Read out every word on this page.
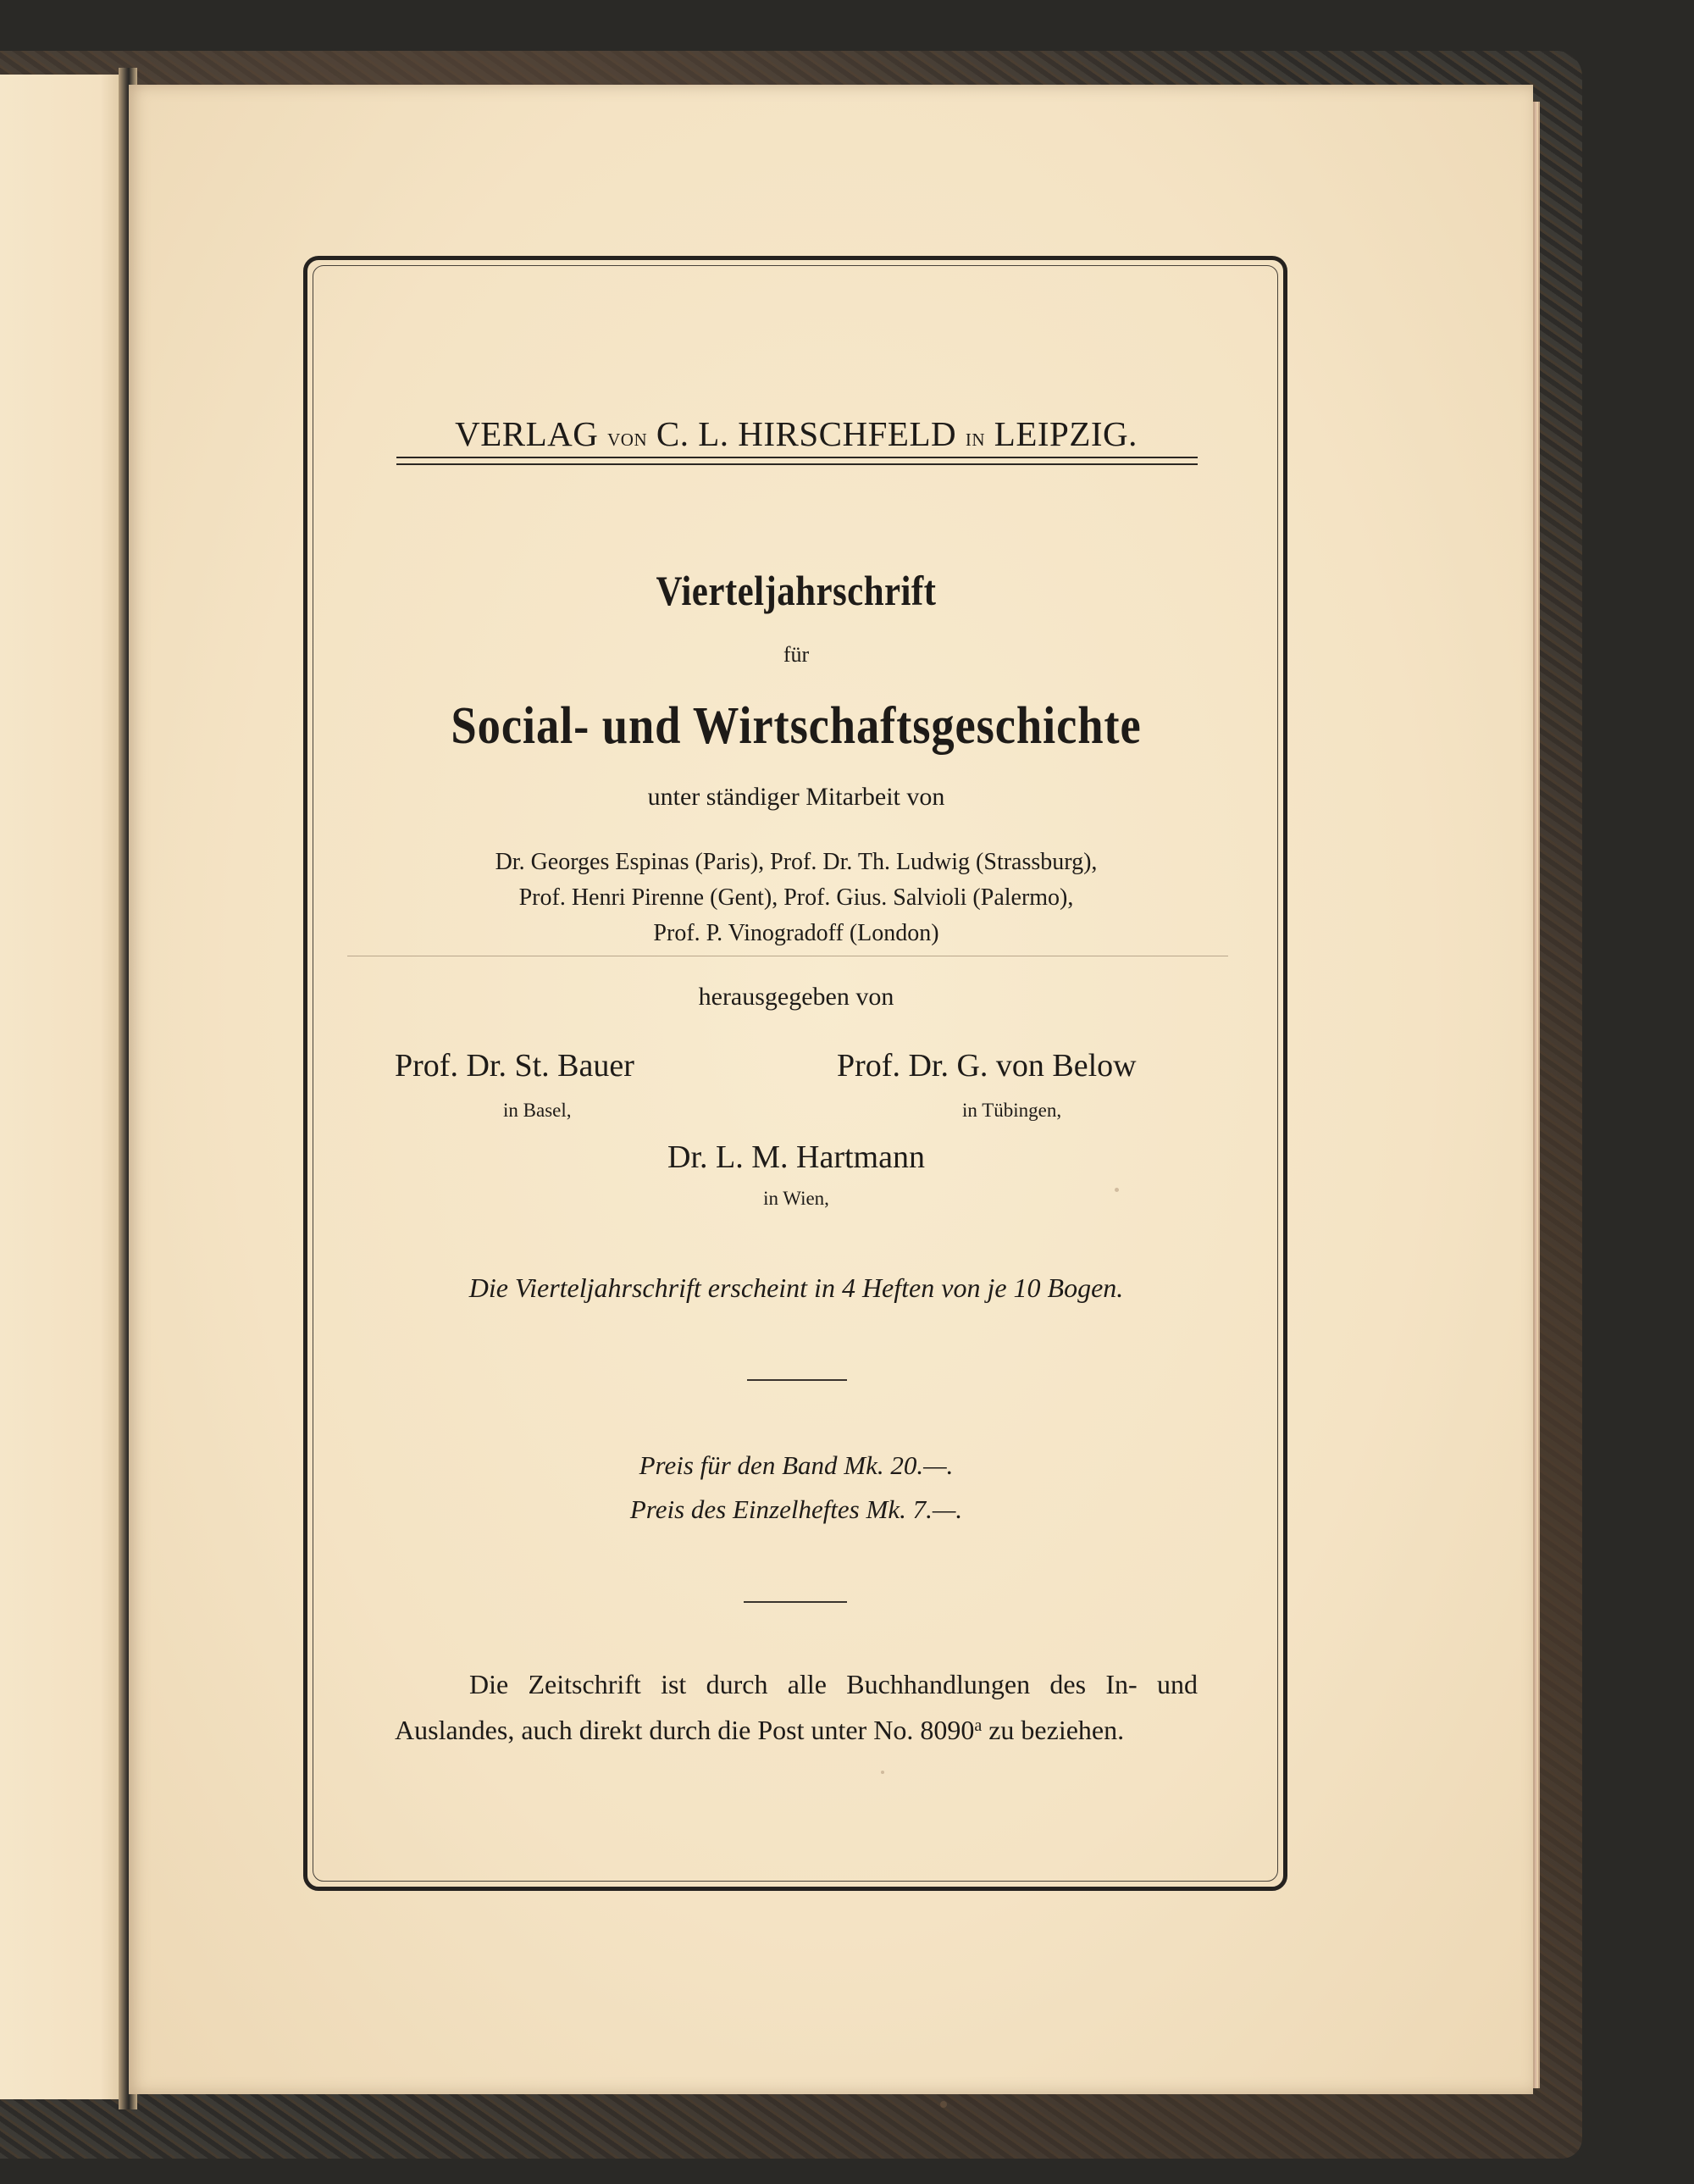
VERLAG von C. L. HIRSCHFELD in LEIPZIG.
Vierteljahrschrift
für
Social- und Wirtschaftsgeschichte
unter ständiger Mitarbeit von
Dr. Georges Espinas (Paris), Prof. Dr. Th. Ludwig (Strassburg),
Prof. Henri Pirenne (Gent), Prof. Gius. Salvioli (Palermo),
Prof. P. Vinogradoff (London)
herausgegeben von
Prof. Dr. St. Bauer	Prof. Dr. G. von Below
in Basel,	in Tübingen,
Dr. L. M. Hartmann
in Wien,
Die Vierteljahrschrift erscheint in 4 Heften von je 10 Bogen.
Preis für den Band Mk. 20.—.
Preis des Einzelheftes Mk. 7.—.
Die Zeitschrift ist durch alle Buchhandlungen des In- und
Auslandes, auch direkt durch die Post unter No. 8090$^a$ zu beziehen.
